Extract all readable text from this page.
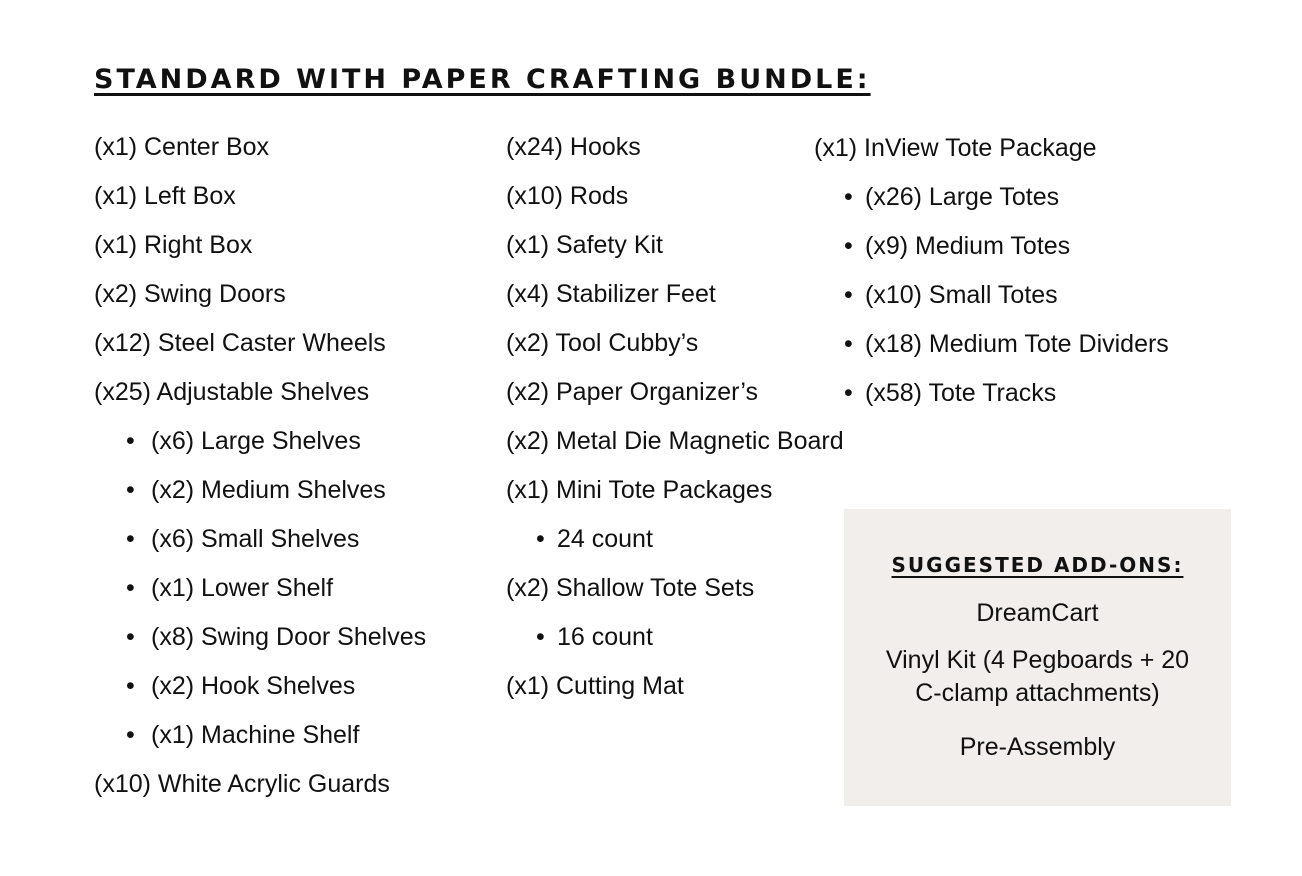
STANDARD WITH PAPER CRAFTING BUNDLE:
(x1) Center Box
(x1) Left Box
(x1) Right Box
(x2) Swing Doors
(x12) Steel Caster Wheels
(x25) Adjustable Shelves
• (x6) Large Shelves
• (x2) Medium Shelves
• (x6) Small Shelves
• (x1) Lower Shelf
• (x8) Swing Door Shelves
• (x2) Hook Shelves
• (x1) Machine Shelf
(x10) White Acrylic Guards
(x24) Hooks
(x10) Rods
(x1) Safety Kit
(x4) Stabilizer Feet
(x2) Tool Cubby’s
(x2) Paper Organizer’s
(x2) Metal Die Magnetic Board
(x1) Mini Tote Packages
• 24 count
(x2) Shallow Tote Sets
• 16 count
(x1) Cutting Mat
(x1) InView Tote Package
• (x26) Large Totes
• (x9) Medium Totes
• (x10) Small Totes
• (x18) Medium Tote Dividers
• (x58) Tote Tracks
SUGGESTED ADD-ONS:
DreamCart
Vinyl Kit (4 Pegboards + 20 C-clamp attachments)
Pre-Assembly
